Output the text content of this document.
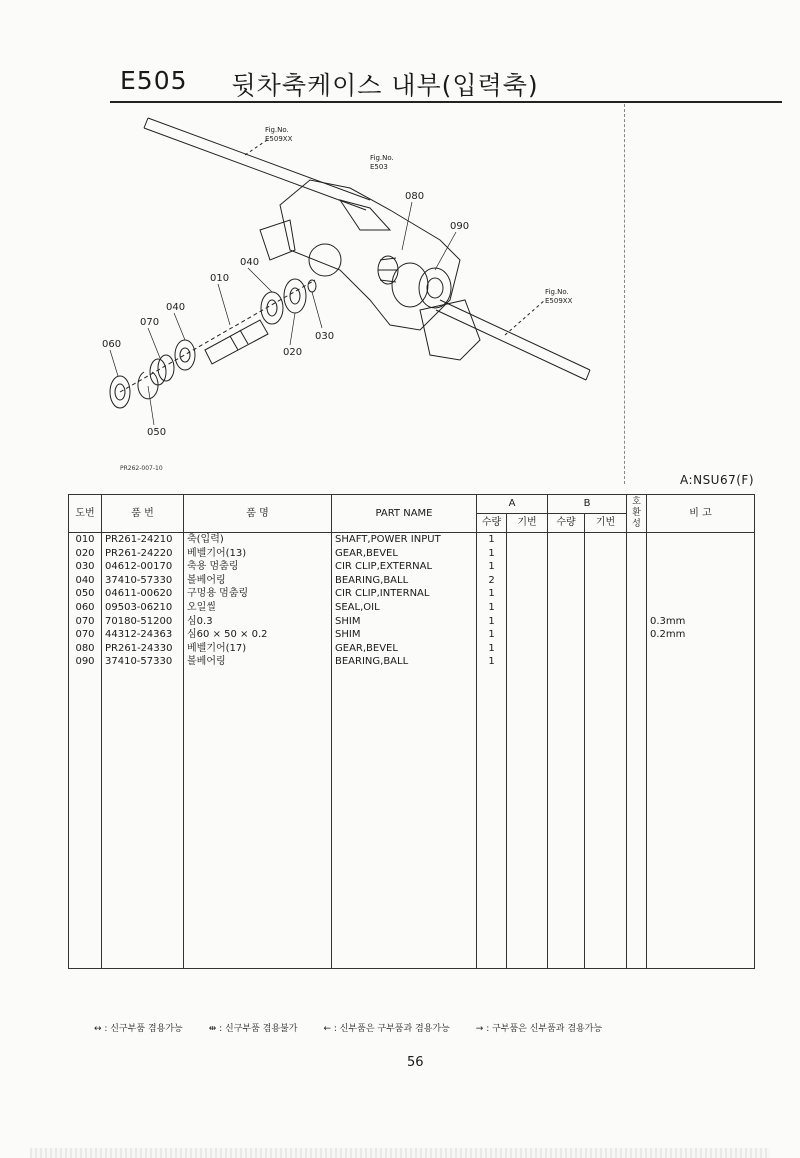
E505 뒷차축케이스 내부(입력축)
Fig.No.
E509XX
Fig.No.
E503
Fig.No.
E509XX
080
090
040
010
040
070
060
030
020
050
PR262-007-10
A:NSU67(F)
도번	품 번	품 명	PART NAME	A		B		호환성	비 고
				수량	기번	수량	기번		
010	PR261-24210	축(입력)	SHAFT,POWER INPUT	1					
020	PR261-24220	베벨기어(13)	GEAR,BEVEL	1					
030	04612-00170	축용 멈춤링	CIR CLIP,EXTERNAL	1					
040	37410-57330	볼베어링	BEARING,BALL	2					
050	04611-00620	구멍용 멈춤링	CIR CLIP,INTERNAL	1					
060	09503-06210	오일씰	SEAL,OIL	1					
070	70180-51200	심0.3	SHIM	1					0.3mm
070	44312-24363	심60 × 50 × 0.2	SHIM	1					0.2mm
080	PR261-24330	베벨기어(17)	GEAR,BEVEL	1					
090	37410-57330	볼베어링	BEARING,BALL	1					

↔ : 신구부품 겸용가능	⇹ : 신구부품 겸용불가	← : 신부품은 구부품과 겸용가능	→ : 구부품은 신부품과 겸용가능
56
